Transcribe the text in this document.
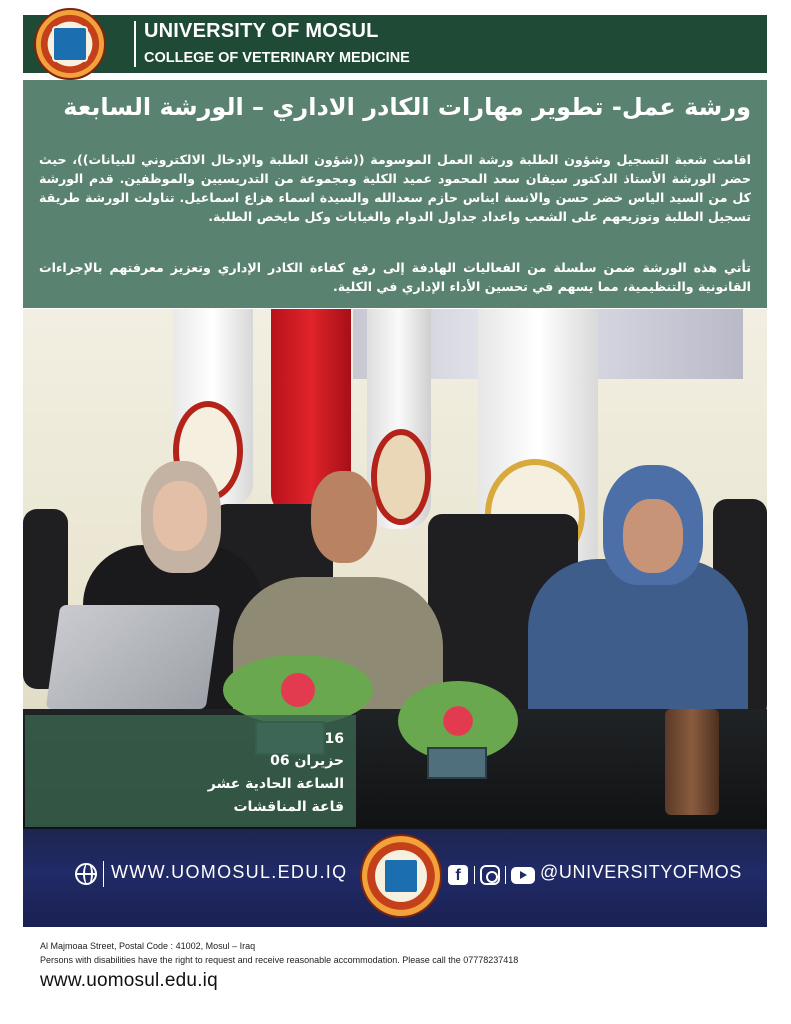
UNIVERSITY OF MOSUL
COLLEGE OF VETERINARY MEDICINE
ورشة عمل- تطوير مهارات الكادر الاداري – الورشة السابعة
اقامت شعبة التسجيل وشؤون الطلبة ورشة العمل الموسومة ((شؤون الطلبة والإدخال الالكتروني للبيانات))، حيث حضر الورشة الأستاذ الدكتور سيفان سعد المحمود عميد الكلية ومجموعة من التدريسيين والموظفين. قدم الورشة كل من السيد الياس خضر حسن والانسة ايناس حازم سعدالله والسيدة اسماء هزاع اسماعيل. تناولت الورشة طريقة تسجيل الطلبة وتوزيعهم على الشعب واعداد جداول الدوام والغيابات وكل مايخص الطلبة.
تأتي هذه الورشة ضمن سلسلة من الفعاليات الهادفة إلى رفع كفاءة الكادر الإداري وتعزيز معرفتهم بالإجراءات القانونية والتنظيمية، مما يسهم في تحسين الأداء الإداري في الكلية.
16
حزيران 06
الساعة الحادية عشر
قاعة المناقشات
WWW.UOMOSUL.EDU.IQ	f	@UNIVERSITYOFMOS
Al Majmoaa Street, Postal Code : 41002, Mosul – Iraq
Persons with disabilities have the right to request and receive reasonable accommodation. Please call the 07778237418
www.uomosul.edu.iq
